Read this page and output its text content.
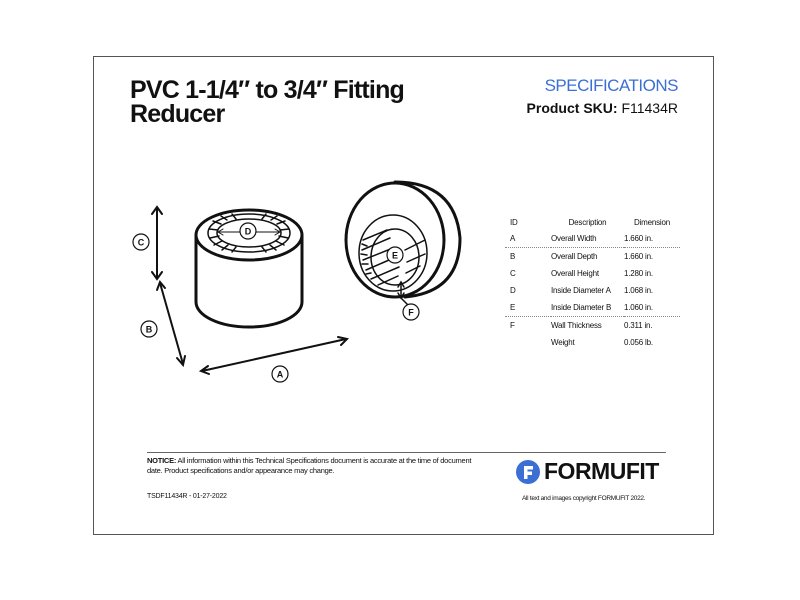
PVC 1-1/4″ to 3/4″ Fitting
Reducer
SPECIFICATIONS
Product SKU: F11434R
C
B
A
D
E
F
ID	Description	Dimension
A	Overall Width	1.660 in.
B	Overall Depth	1.660 in.
C	Overall Height	1.280 in.
D	Inside Diameter A	1.068 in.
E	Inside Diameter B	1.060 in.
F	Wall Thickness	0.311 in.
	Weight	0.056 lb.
NOTICE: All information within this Technical Specifications document is accurate at the time of document date. Product specifications and/or appearance may change.
TSDF11434R - 01-27-2022
FORMUFIT
All text and images copyright FORMUFIT 2022.
